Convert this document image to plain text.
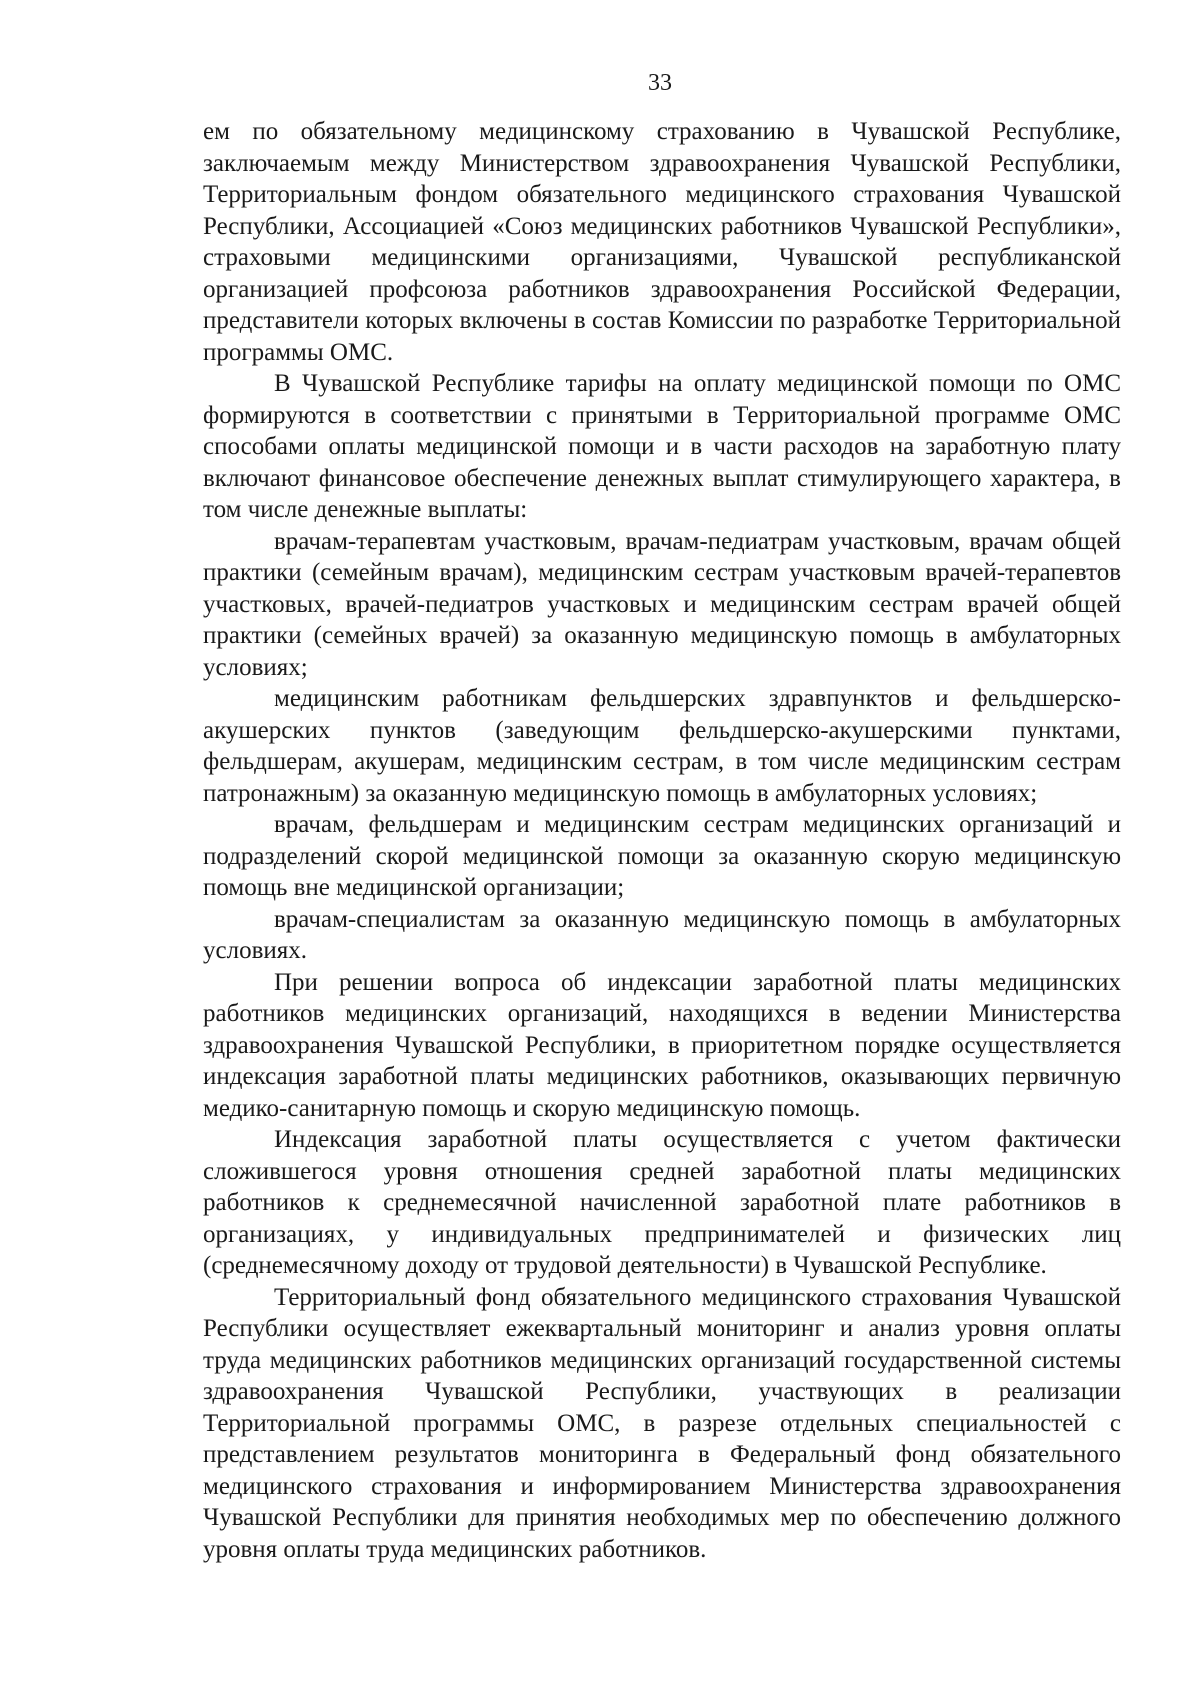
33

ем по обязательному медицинскому страхованию в Чувашской Республике, заключаемым между Министерством здравоохранения Чувашской Республики, Территориальным фондом обязательного медицинского страхования Чувашской Республики, Ассоциацией «Союз медицинских работников Чувашской Республики», страховыми медицинскими организациями, Чувашской республиканской организацией профсоюза работников здравоохранения Российской Федерации, представители которых включены в состав Комиссии по разработке Территориальной программы ОМС.

В Чувашской Республике тарифы на оплату медицинской помощи по ОМС формируются в соответствии с принятыми в Территориальной программе ОМС способами оплаты медицинской помощи и в части расходов на заработную плату включают финансовое обеспечение денежных выплат стимулирующего характера, в том числе денежные выплаты:

врачам-терапевтам участковым, врачам-педиатрам участковым, врачам общей практики (семейным врачам), медицинским сестрам участковым врачей-терапевтов участковых, врачей-педиатров участковых и медицинским сестрам врачей общей практики (семейных врачей) за оказанную медицинскую помощь в амбулаторных условиях;

медицинским работникам фельдшерских здравпунктов и фельдшерско-акушерских пунктов (заведующим фельдшерско-акушерскими пунктами, фельдшерам, акушерам, медицинским сестрам, в том числе медицинским сестрам патронажным) за оказанную медицинскую помощь в амбулаторных условиях;

врачам, фельдшерам и медицинским сестрам медицинских организаций и подразделений скорой медицинской помощи за оказанную скорую медицинскую помощь вне медицинской организации;

врачам-специалистам за оказанную медицинскую помощь в амбулаторных условиях.

При решении вопроса об индексации заработной платы медицинских работников медицинских организаций, находящихся в ведении Министерства здравоохранения Чувашской Республики, в приоритетном порядке осуществляется индексация заработной платы медицинских работников, оказывающих первичную медико-санитарную помощь и скорую медицинскую помощь.

Индексация заработной платы осуществляется с учетом фактически сложившегося уровня отношения средней заработной платы медицинских работников к среднемесячной начисленной заработной плате работников в организациях, у индивидуальных предпринимателей и физических лиц (среднемесячному доходу от трудовой деятельности) в Чувашской Республике.

Территориальный фонд обязательного медицинского страхования Чувашской Республики осуществляет ежеквартальный мониторинг и анализ уровня оплаты труда медицинских работников медицинских организаций государственной системы здравоохранения Чувашской Республики, участвующих в реализации Территориальной программы ОМС, в разрезе отдельных специальностей с представлением результатов мониторинга в Федеральный фонд обязательного медицинского страхования и информированием Министерства здравоохранения Чувашской Республики для принятия необходимых мер по обеспечению должного уровня оплаты труда медицинских работников.
